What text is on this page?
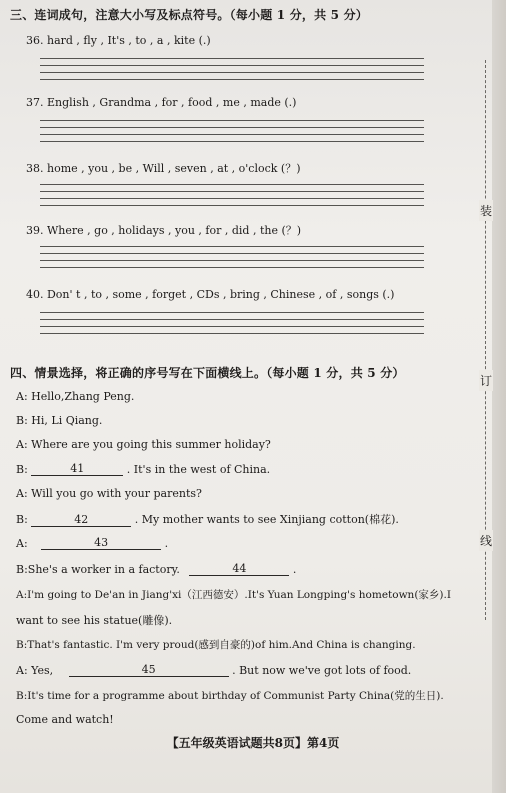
三、连词成句，注意大小写及标点符号。（每小题 1 分，共 5 分）
36. hard , fly , It's , to , a , kite (.)
37. English , Grandma , for , food , me , made (.)
38. home , you , be , Will , seven , at , o'clock (？)
39. Where , go , holidays , you , for , did , the (？)
40. Don' t , to , some , forget , CDs , bring , Chinese , of , songs (.)
四、情景选择，将正确的序号写在下面横线上。（每小题 1 分，共 5 分）
A: Hello,Zhang Peng.
B: Hi, Li Qiang.
A: Where are you going this summer holiday?
B:	41	. It's in the west of China.
A: Will you go with your parents?
B:	42	. My mother wants to see Xinjiang cotton(棉花).
A:	43	.
B:She's a worker in a factory.	44	.
A:I'm going to De'an in Jiang'xi（江西德安）.It's Yuan Longping's hometown(家乡).I
want to see his statue(雕像).
B:That's fantastic. I'm very proud(感到自豪的)of him.And China is changing.
A: Yes,	45	. But now we've got lots of food.
B:It's time for a programme about birthday of Communist Party China(党的生日).
Come and watch!
装
订
线
【五年级英语试题共8页】第4页
